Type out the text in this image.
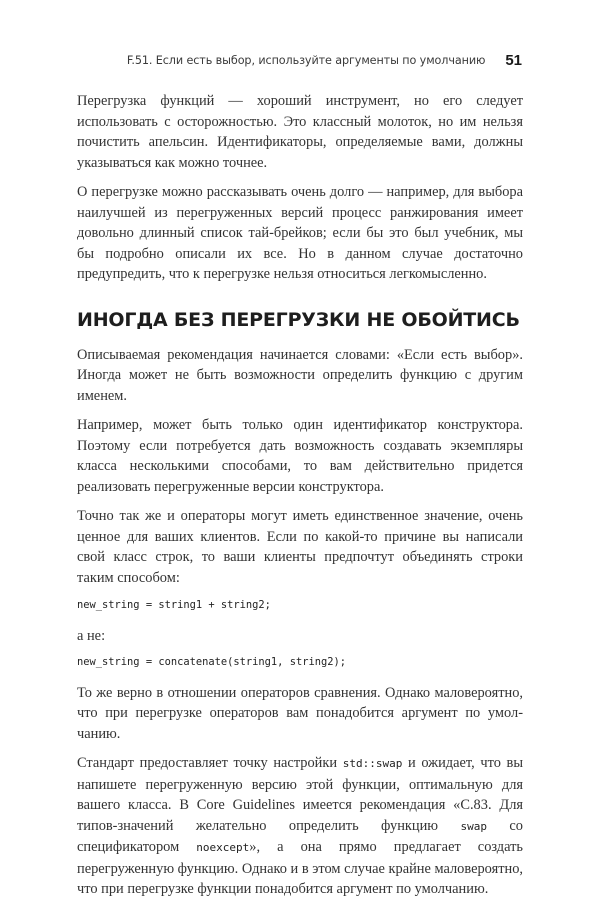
F.51. Если есть выбор, используйте аргументы по умолчанию 51

Перегрузка функций — хороший инструмент, но его следует использовать с осторожностью. Это классный молоток, но им нельзя почистить апельсин. Идентификаторы, определяемые вами, должны указываться как можно точнее.

О перегрузке можно рассказывать очень долго — например, для выбора наилучшей из перегруженных версий процесс ранжирования имеет довольно длинный список тай-брейков; если бы это был учебник, мы бы подробно описали их все. Но в данном случае достаточно предупредить, что к перегрузке нельзя относиться легкомысленно.

ИНОГДА БЕЗ ПЕРЕГРУЗКИ НЕ ОБОЙТИСЬ

Описываемая рекомендация начинается словами: «Если есть выбор». Иногда может не быть возможности определить функцию с другим именем.

Например, может быть только один идентификатор конструктора. Поэтому если потребуется дать возможность создавать экземпляры класса несколькими способами, то вам действительно придется реализовать перегруженные версии конструктора.

Точно так же и операторы могут иметь единственное значение, очень ценное для ваших клиентов. Если по какой-то причине вы написали свой класс строк, то ваши клиенты предпочтут объединять строки таким способом:

new_string = string1 + string2;

а не:

new_string = concatenate(string1, string2);

То же верно в отношении операторов сравнения. Однако маловероятно, что при перегрузке операторов вам понадобится аргумент по умолчанию.

Стандарт предоставляет точку настройки std::swap и ожидает, что вы напишете перегруженную версию этой функции, оптимальную для вашего класса. В Core Guidelines имеется рекомендация «C.83. Для типов-значений желательно определить функцию swap со спецификатором noexcept», а она прямо предлагает создать перегруженную функцию. Однако и в этом случае крайне маловероятно, что при перегрузке функции понадобится аргумент по умолчанию.
